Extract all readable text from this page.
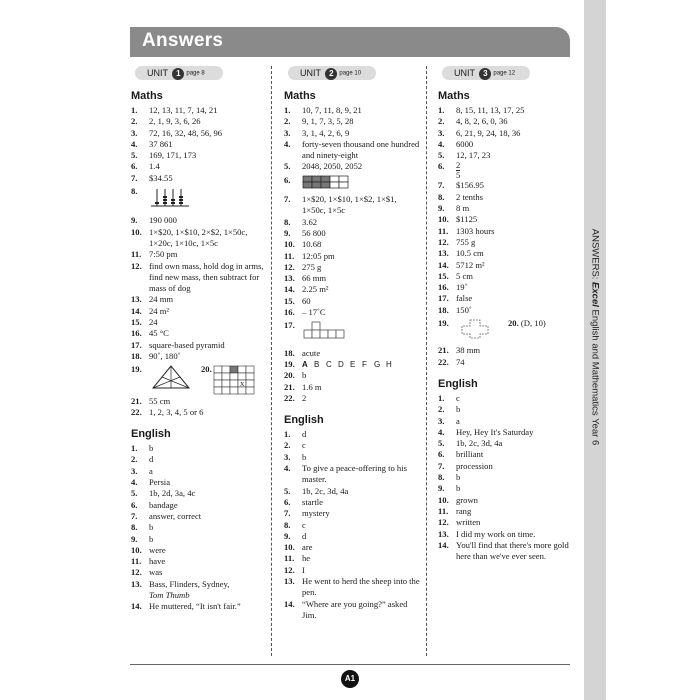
ANSWERS: Excel English and Mathematics Year 6
Answers
UNIT 1 page 8
Maths
1. 12, 13, 11, 7, 14, 21
2. 2, 1, 9, 3, 6, 26
3. 72, 16, 32, 48, 56, 96
4. 37 861
5. 169, 171, 173
6. 1.4
7. $34.55
8.
9. 190 000
10. 1×$20, 1×$10, 2×$2, 1×50c, 1×20c, 1×10c, 1×5c
11. 7:50 pm
12. find own mass, hold dog in arms, find new mass, then subtract for mass of dog
13. 24 mm
14. 24 m²
15. 24
16. 45 °C
17. square-based pyramid
18. 90˚, 180˚
19.	20.
X
21. 55 cm
22. 1, 2, 3, 4, 5 or 6
English
1. b
2. d
3. a
4. Persia
5. 1b, 2d, 3a, 4c
6. bandage
7. answer, correct
8. b
9. b
10. were
11. have
12. was
13. Bass, Flinders, Sydney,
Tom Thumb
14. He muttered, “It isn't fair.”
UNIT 2 page 10
Maths
1. 10, 7, 11, 8, 9, 21
2. 9, 1, 7, 3, 5, 28
3. 3, 1, 4, 2, 6, 9
4. forty-seven thousand one hundred and ninety-eight
5. 2048, 2050, 2052
6.
7. 1×$20, 1×$10, 1×$2, 1×$1, 1×50c, 1×5c
8. 3.62
9. 56 800
10. 10.68
11. 12:05 pm
12. 275 g
13. 66 mm
14. 2.25 m²
15. 60
16. – 17˚C
17.
18. acute
19. A B C D E F G H
20. b
21. 1.6 m
22. 2
English
1. d
2. c
3. b
4. To give a peace-offering to his master.
5. 1b, 2c, 3d, 4a
6. startle
7. mystery
8. c
9. d
10. are
11. he
12. I
13. He went to herd the sheep into the pen.
14. “Where are you going?” asked Jim.
UNIT 3 page 12
Maths
1. 8, 15, 11, 13, 17, 25
2. 4, 8, 2, 6, 0, 36
3. 6, 21, 9, 24, 18, 36
4. 6000
5. 12, 17, 23
6. $\frac{2}{5}$
7. $156.95
8. 2 tenths
9. 8 m
10. $1125
11. 1303 hours
12. 755 g
13. 10.5 cm
14. 5712 m²
15. 5 cm
16. 19˚
17. false
18. 150˚
19.	20. (D, 10)
21. 38 mm
22. 74
English
1. c
2. b
3. a
4. Hey, Hey It's Saturday
5. 1b, 2c, 3d, 4a
6. brilliant
7. procession
8. b
9. b
10. grown
11. rang
12. written
13. I did my work on time.
14. You'll find that there's more gold here than we've ever seen.
A1
